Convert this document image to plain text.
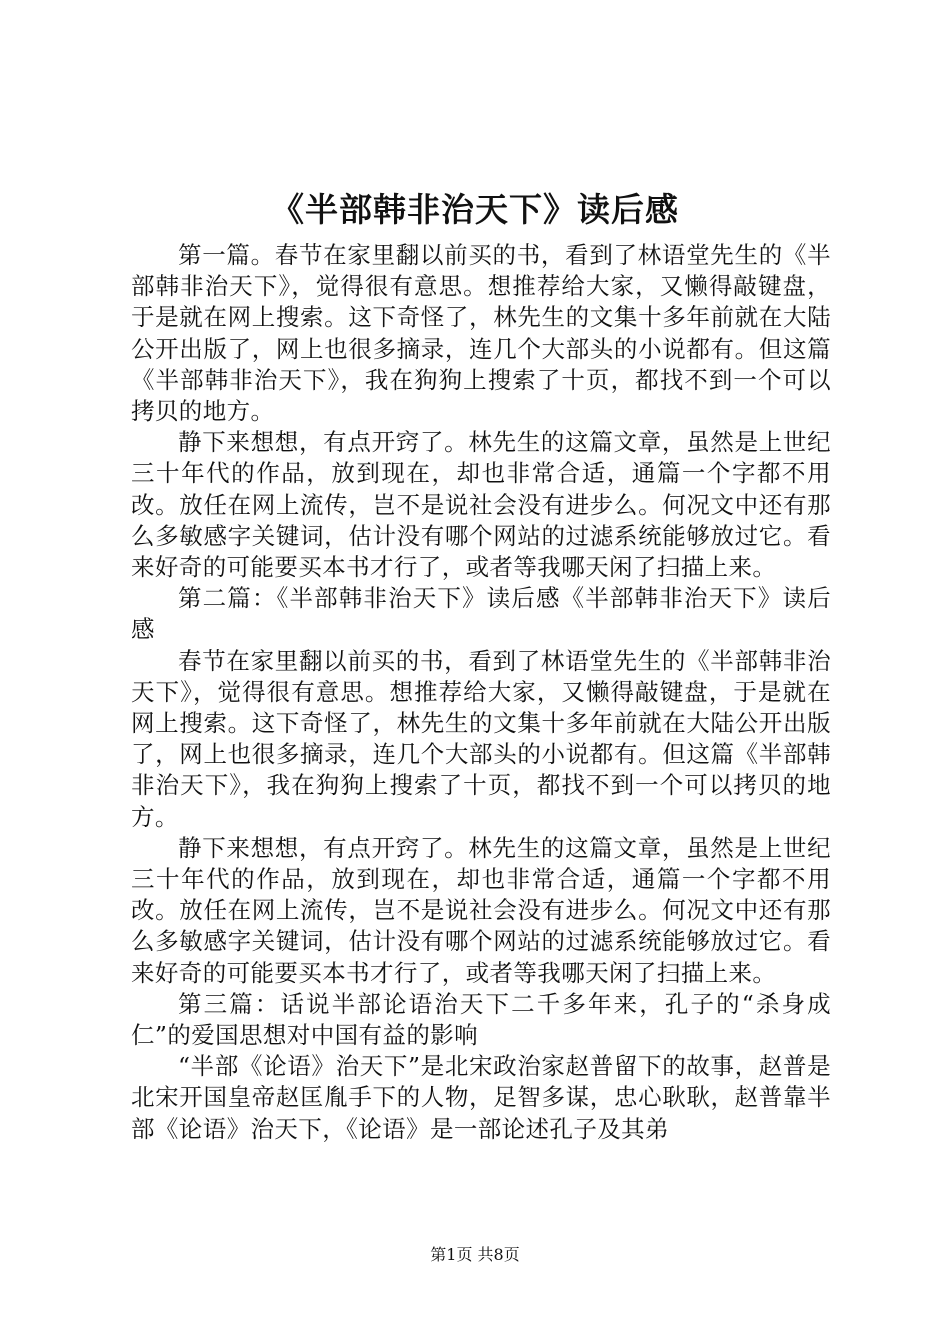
《半部韩非治天下》读后感

第一篇。春节在家里翻以前买的书，看到了林语堂先生的《半部韩非治天下》，觉得很有意思。想推荐给大家，又懒得敲键盘，于是就在网上搜索。这下奇怪了，林先生的文集十多年前就在大陆公开出版了，网上也很多摘录，连几个大部头的小说都有。但这篇《半部韩非治天下》，我在狗狗上搜索了十页，都找不到一个可以拷贝的地方。

静下来想想，有点开窍了。林先生的这篇文章，虽然是上世纪三十年代的作品，放到现在，却也非常合适，通篇一个字都不用改。放任在网上流传，岂不是说社会没有进步么。何况文中还有那么多敏感字关键词，估计没有哪个网站的过滤系统能够放过它。看来好奇的可能要买本书才行了，或者等我哪天闲了扫描上来。

第二篇：《半部韩非治天下》读后感《半部韩非治天下》读后感

春节在家里翻以前买的书，看到了林语堂先生的《半部韩非治天下》，觉得很有意思。想推荐给大家，又懒得敲键盘，于是就在网上搜索。这下奇怪了，林先生的文集十多年前就在大陆公开出版了，网上也很多摘录，连几个大部头的小说都有。但这篇《半部韩非治天下》，我在狗狗上搜索了十页，都找不到一个可以拷贝的地方。

静下来想想，有点开窍了。林先生的这篇文章，虽然是上世纪三十年代的作品，放到现在，却也非常合适，通篇一个字都不用改。放任在网上流传，岂不是说社会没有进步么。何况文中还有那么多敏感字关键词，估计没有哪个网站的过滤系统能够放过它。看来好奇的可能要买本书才行了，或者等我哪天闲了扫描上来。

第三篇：话说半部论语治天下二千多年来，孔子的“杀身成仁”的爱国思想对中国有益的影响

“半部《论语》治天下”是北宋政治家赵普留下的故事，赵普是北宋开国皇帝赵匡胤手下的人物，足智多谋，忠心耿耿，赵普靠半部《论语》治天下，《论语》是一部论述孔子及其弟

第1页 共8页
